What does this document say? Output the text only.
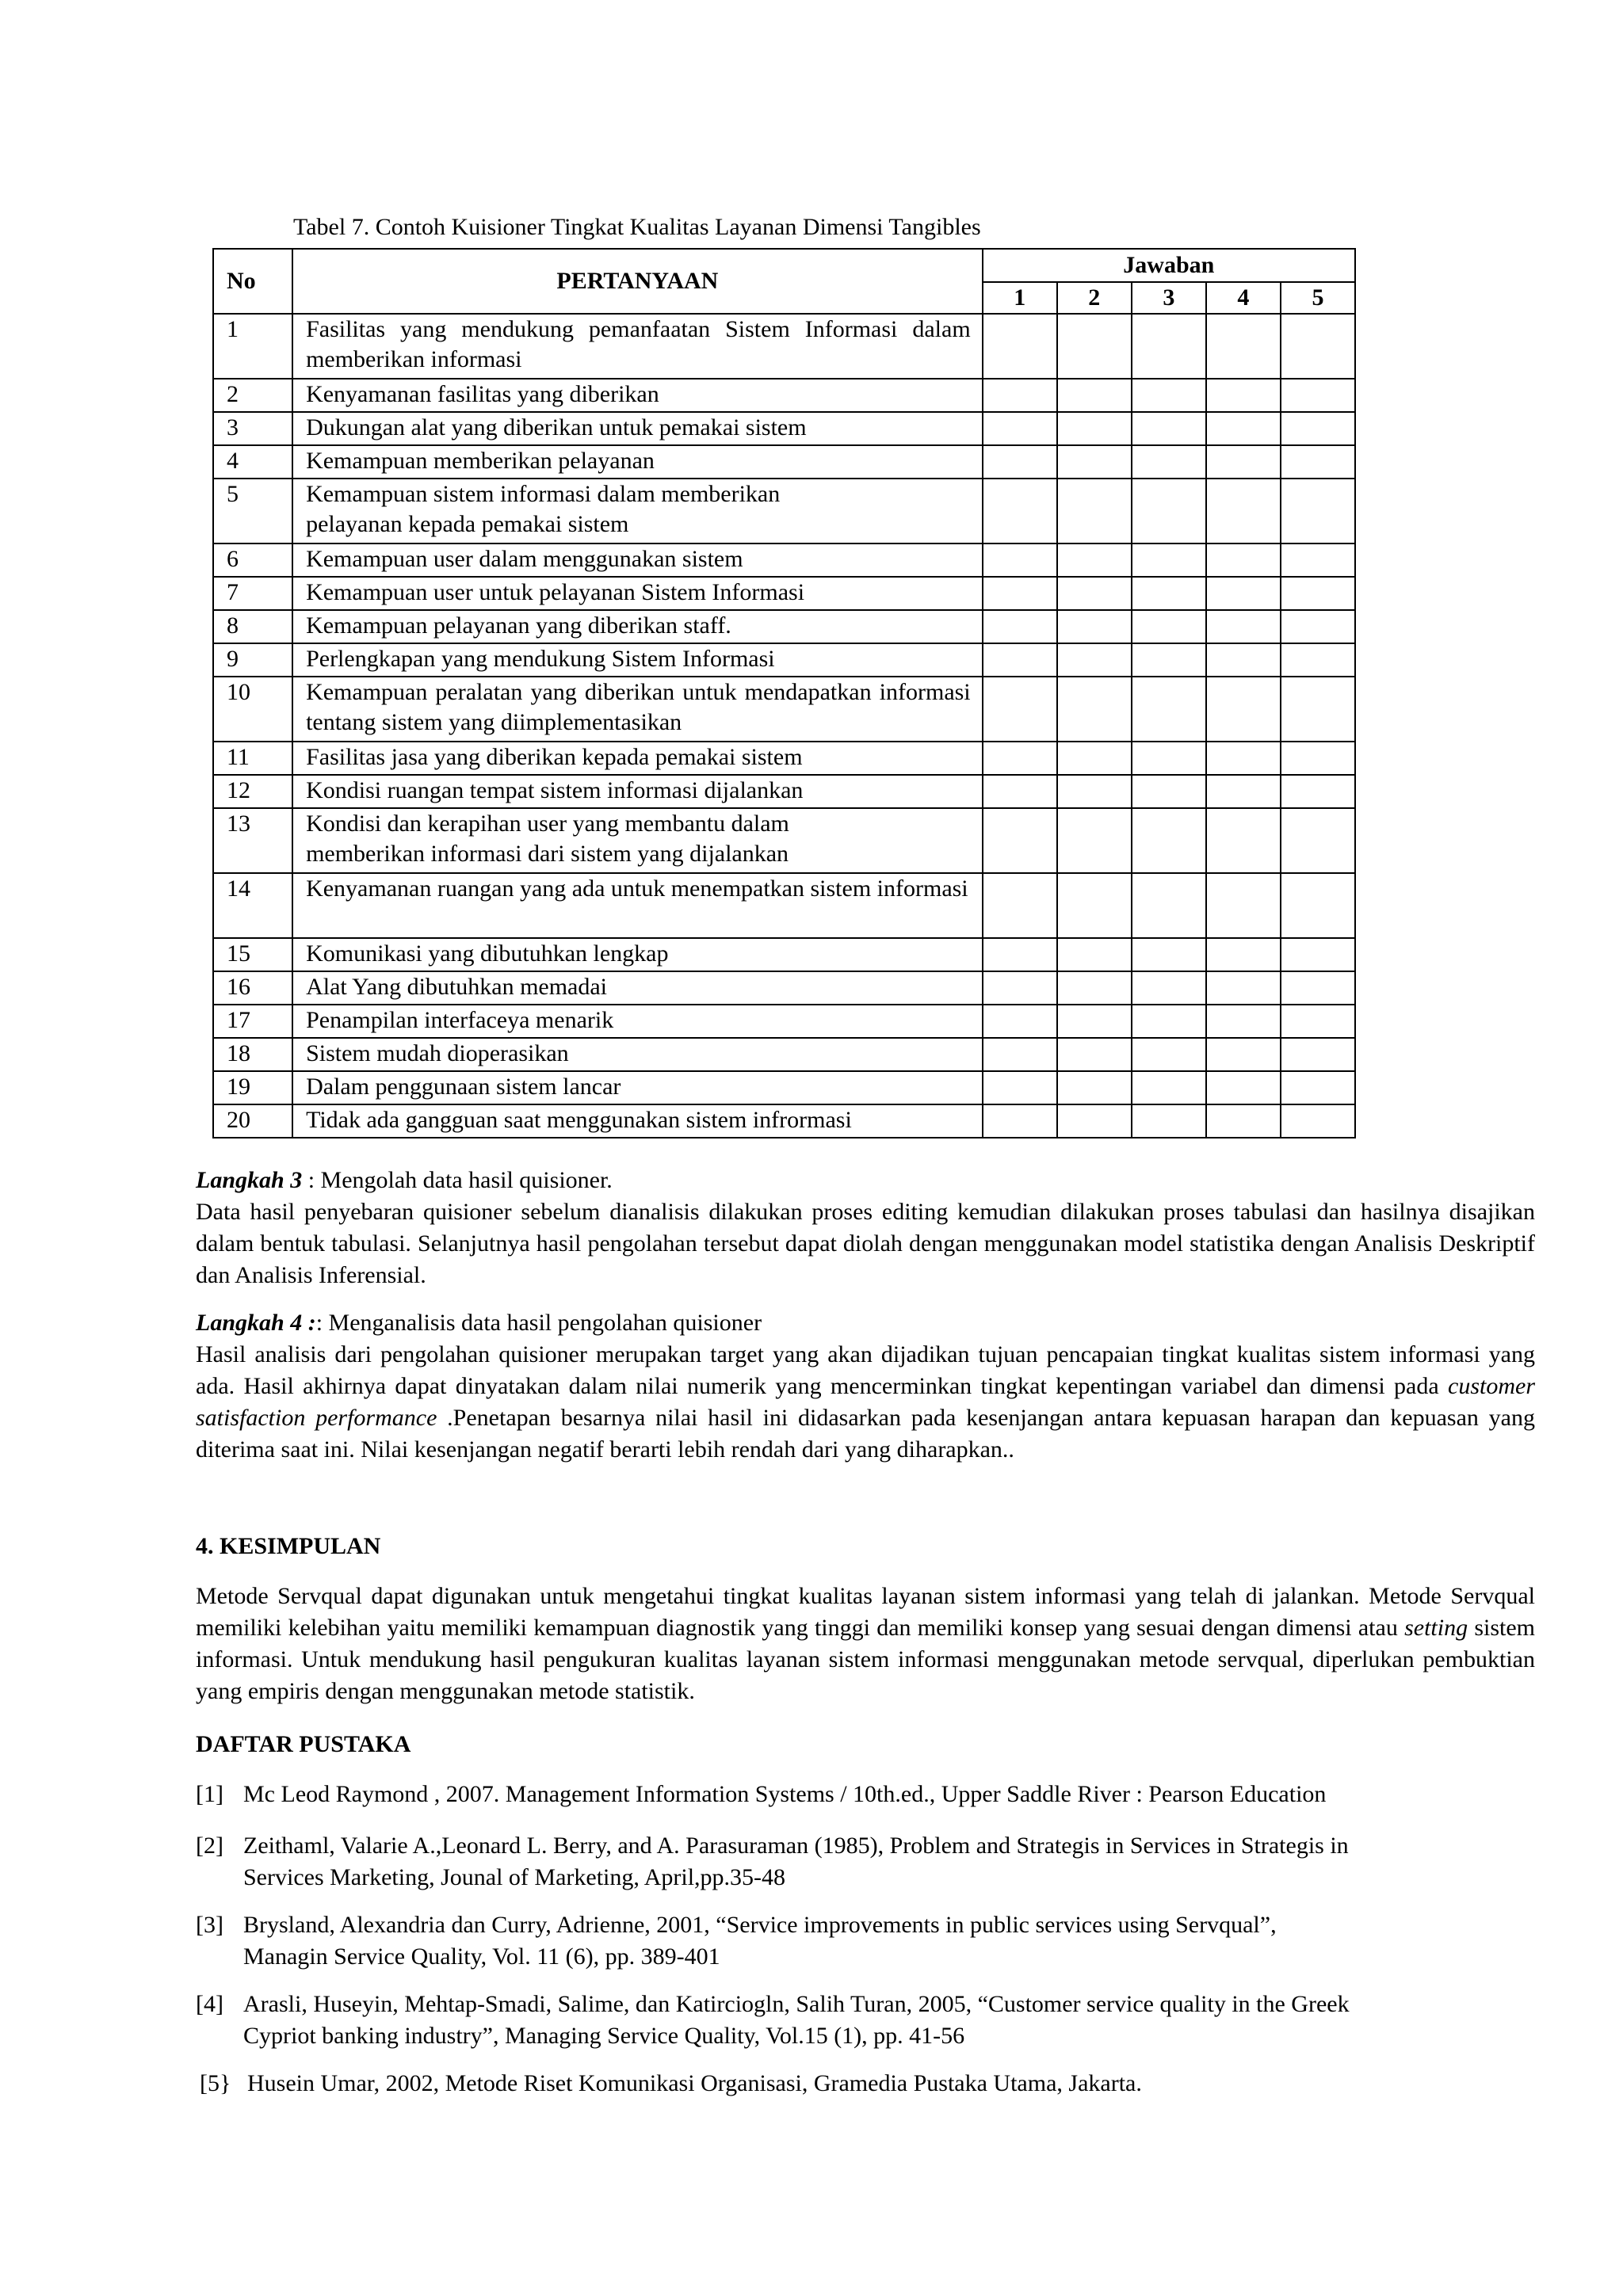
Tabel 7. Contoh Kuisioner Tingkat Kualitas Layanan Dimensi Tangibles
No	PERTANYAAN	Jawaban				
		1	2	3	4	5
1	Fasilitas yang mendukung pemanfaatan Sistem Informasi dalam memberikan informasi					
2	Kenyamanan fasilitas yang diberikan					
3	Dukungan alat yang diberikan untuk pemakai sistem					
4	Kemampuan memberikan pelayanan					
5	Kemampuan sistem informasi dalam memberikan pelayanan kepada pemakai sistem					

6	Kemampuan user dalam menggunakan sistem					
7	Kemampuan user untuk pelayanan Sistem Informasi					
8	Kemampuan pelayanan yang diberikan staff.					
9	Perlengkapan yang mendukung Sistem Informasi					
10	Kemampuan peralatan yang diberikan untuk mendapatkan informasi tentang sistem yang diimplementasikan					
11	Fasilitas jasa yang diberikan kepada pemakai sistem					
12	Kondisi ruangan tempat sistem informasi dijalankan					
13	Kondisi dan kerapihan user yang membantu dalam memberikan informasi dari sistem yang dijalankan					

14	Kenyamanan ruangan yang ada untuk menempatkan sistem informasi					

15	Komunikasi yang dibutuhkan lengkap					
16	Alat Yang dibutuhkan memadai					
17	Penampilan interfaceya menarik					
18	Sistem mudah dioperasikan					
19	Dalam penggunaan sistem lancar					
20	Tidak ada gangguan saat menggunakan sistem infrormasi					

Langkah 3 : Mengolah data hasil quisioner.

Data hasil penyebaran quisioner sebelum dianalisis dilakukan proses editing kemudian dilakukan proses tabulasi dan hasilnya disajikan dalam bentuk tabulasi. Selanjutnya hasil pengolahan tersebut dapat diolah dengan menggunakan model statistika dengan Analisis Deskriptif dan Analisis Inferensial.

Langkah 4 :: Menganalisis data hasil pengolahan quisioner

Hasil analisis dari pengolahan quisioner merupakan target yang akan dijadikan tujuan pencapaian tingkat kualitas sistem informasi yang ada. Hasil akhirnya dapat dinyatakan dalam nilai numerik yang mencerminkan tingkat kepentingan variabel dan dimensi pada customer satisfaction performance .Penetapan besarnya nilai hasil ini didasarkan pada kesenjangan antara kepuasan harapan dan kepuasan yang diterima saat ini. Nilai kesenjangan negatif berarti lebih rendah dari yang diharapkan..

4. KESIMPULAN

Metode Servqual dapat digunakan untuk mengetahui tingkat kualitas layanan sistem informasi yang telah di jalankan. Metode Servqual memiliki kelebihan yaitu memiliki kemampuan diagnostik yang tinggi dan memiliki konsep yang sesuai dengan dimensi atau setting sistem informasi. Untuk mendukung hasil pengukuran kualitas layanan sistem informasi menggunakan metode servqual, diperlukan pembuktian yang empiris dengan menggunakan metode statistik.

DAFTAR PUSTAKA
[1] Mc Leod Raymond , 2007. Management Information Systems / 10th.ed., Upper Saddle River : Pearson Education
[2] Zeithaml, Valarie A.,Leonard L. Berry, and A. Parasuraman (1985), Problem and Strategis in Services in Strategis in
Services Marketing, Jounal of Marketing, April,pp.35-48
[3] Brysland, Alexandria dan Curry, Adrienne, 2001, “Service improvements in public services using Servqual”,
Managin Service Quality, Vol. 11 (6), pp. 389-401
[4] Arasli, Huseyin, Mehtap-Smadi, Salime, dan Katirciogln, Salih Turan, 2005, “Customer service quality in the Greek
Cypriot banking industry”, Managing Service Quality, Vol.15 (1), pp. 41-56
[5} Husein Umar, 2002, Metode Riset Komunikasi Organisasi, Gramedia Pustaka Utama, Jakarta.
